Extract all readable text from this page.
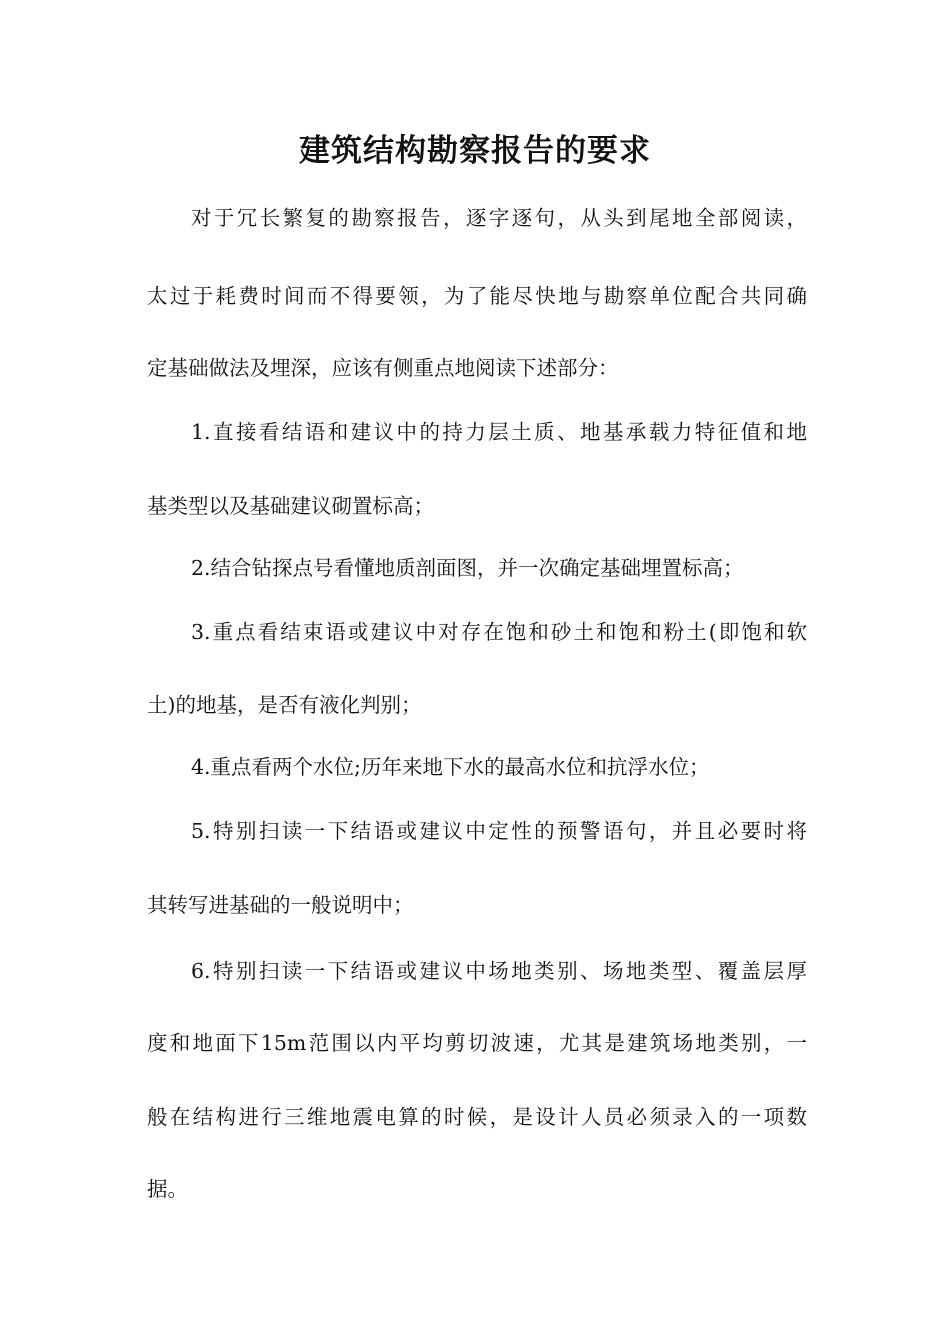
建筑结构勘察报告的要求
对于冗长繁复的勘察报告，逐字逐句，从头到尾地全部阅读，
太过于耗费时间而不得要领，为了能尽快地与勘察单位配合共同确
定基础做法及埋深，应该有侧重点地阅读下述部分：
1.直接看结语和建议中的持力层土质、地基承载力特征值和地
基类型以及基础建议砌置标高；
2.结合钻探点号看懂地质剖面图，并一次确定基础埋置标高；
3.重点看结束语或建议中对存在饱和砂土和饱和粉土(即饱和软
土)的地基，是否有液化判别；
4.重点看两个水位;历年来地下水的最高水位和抗浮水位；
5.特别扫读一下结语或建议中定性的预警语句，并且必要时将
其转写进基础的一般说明中；
6.特别扫读一下结语或建议中场地类别、场地类型、覆盖层厚
度和地面下15m范围以内平均剪切波速，尤其是建筑场地类别，一
般在结构进行三维地震电算的时候，是设计人员必须录入的一项数
据。
